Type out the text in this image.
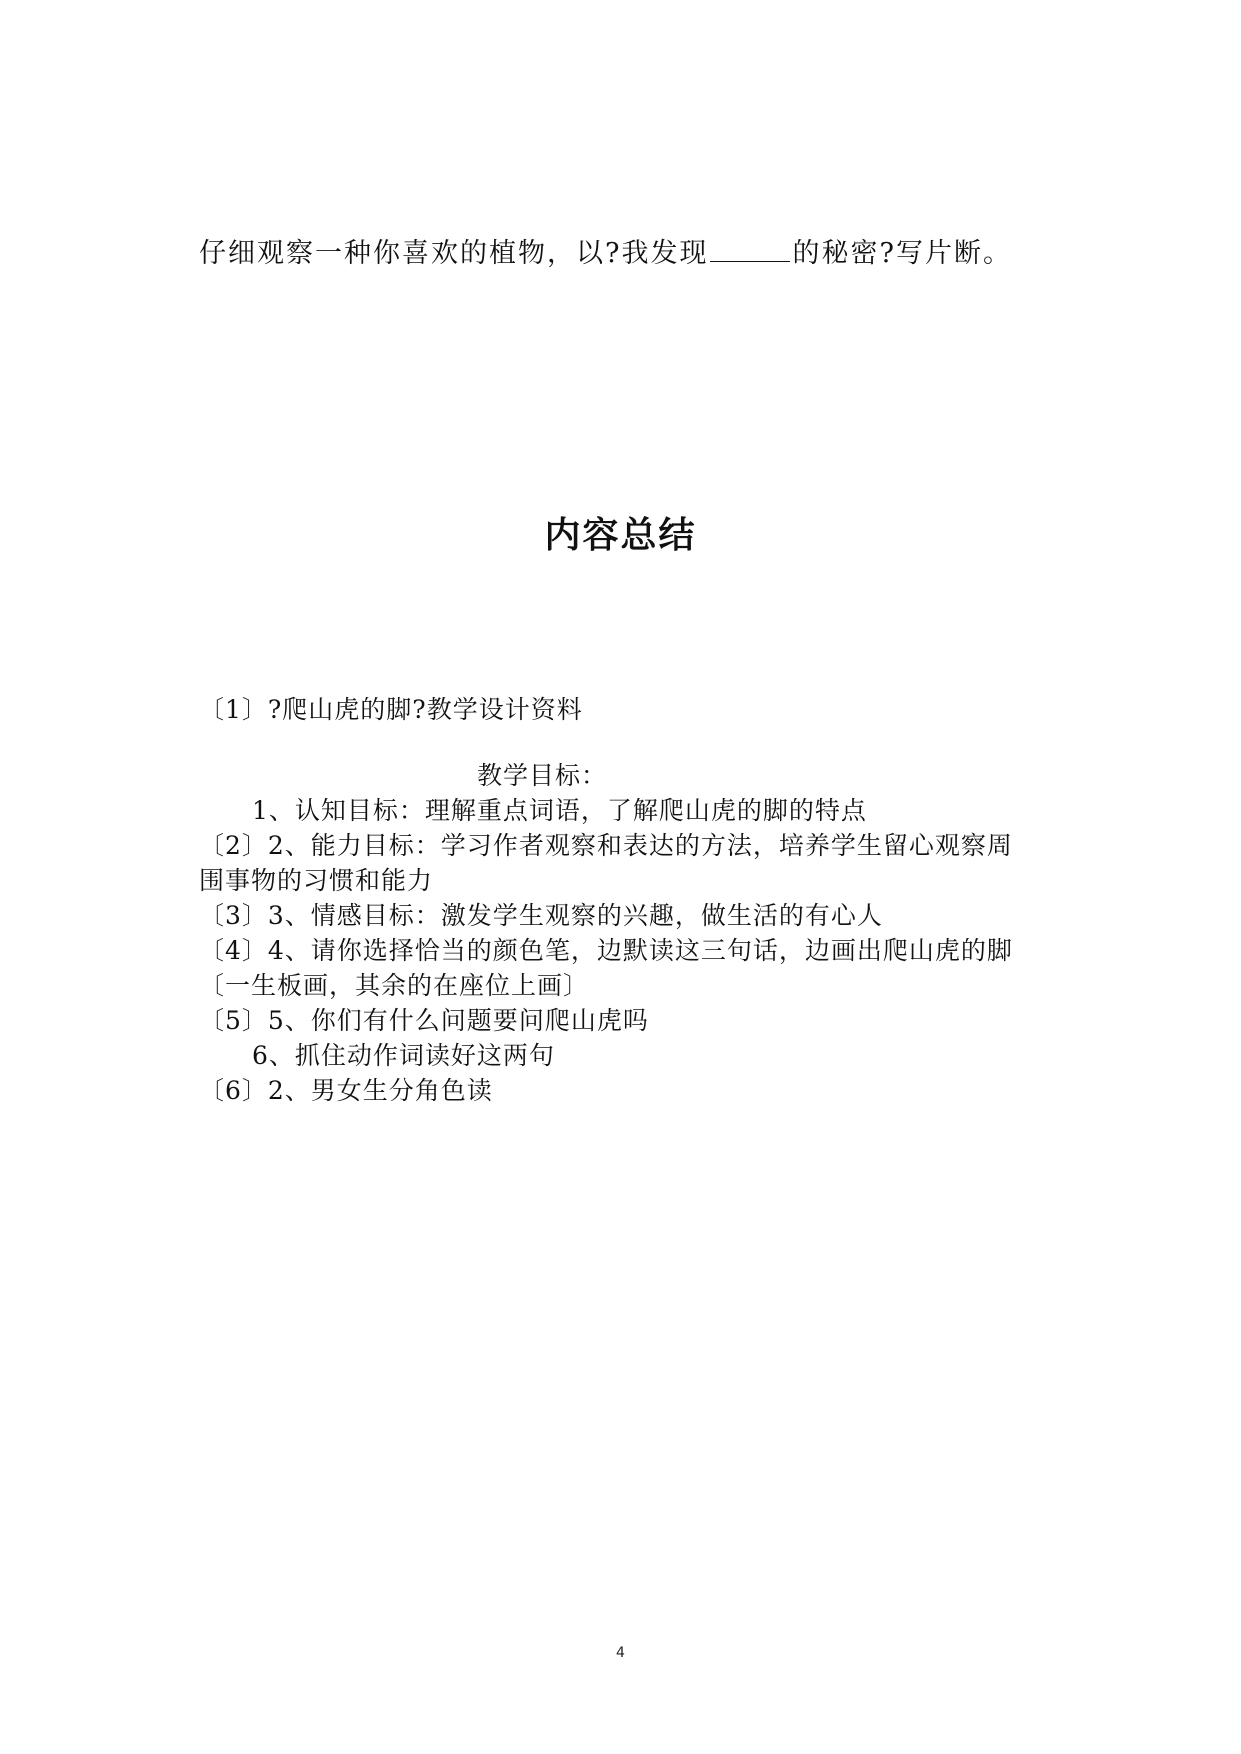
仔细观察一种你喜欢的植物，以?我发现	的秘密?写片断。
内容总结
〔1〕?爬山虎的脚?教学设计资料
教学目标：
1、认知目标：理解重点词语，了解爬山虎的脚的特点
〔2〕2、能力目标：学习作者观察和表达的方法，培养学生留心观察周
围事物的习惯和能力
〔3〕3、情感目标：激发学生观察的兴趣，做生活的有心人
〔4〕4、请你选择恰当的颜色笔，边默读这三句话，边画出爬山虎的脚
〔一生板画，其余的在座位上画〕
〔5〕5、你们有什么问题要问爬山虎吗
6、抓住动作词读好这两句
〔6〕2、男女生分角色读
4
